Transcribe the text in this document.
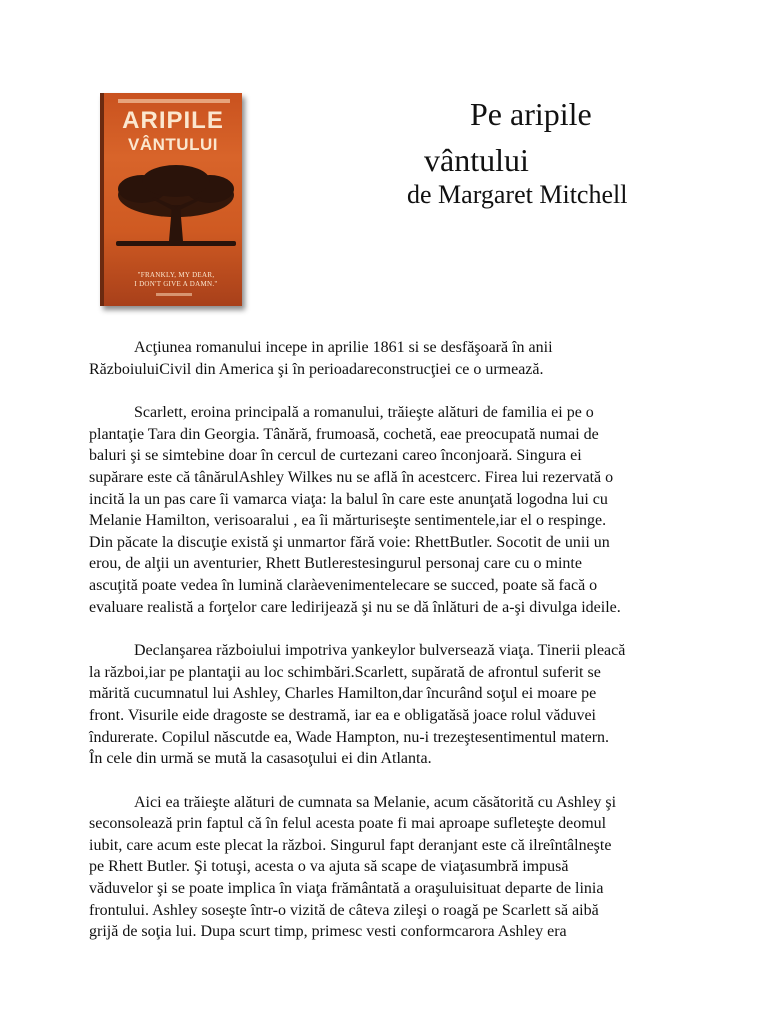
ARIPILE
VÂNTULUI
"FRANKLY, MY DEAR,
I DON'T GIVE A DAMN."
Pe aripile
vântului
de Margaret Mitchell

Acţiunea romanului incepe in aprilie 1861 si se desfăşoară în anii
RăzboiuluiCivil din America şi în perioadareconstrucţiei ce o urmează.

Scarlett, eroina principală a romanului, trăieşte alături de familia ei pe o
plantaţie Tara din Georgia. Tânără, frumoasă, cochetă, eae preocupată numai de
baluri şi se simtebine doar în cercul de curtezani careo înconjoară. Singura ei
supărare este că tânărulAshley Wilkes nu se află în acestcerc. Firea lui rezervată o
incită la un pas care îi vamarca viaţa: la balul în care este anunţată logodna lui cu
Melanie Hamilton, verisoaralui , ea îi mărturiseşte sentimentele,iar el o respinge.
Din păcate la discuţie există şi unmartor fără voie: RhettButler. Socotit de unii un
erou, de alţii un aventurier, Rhett Butlerestesingurul personaj care cu o minte
ascuţită poate vedea în lumină claràevenimentelecare se succed, poate să facă o
evaluare realistă a forţelor care ledirijează şi nu se dă înlături de a-şi divulga ideile.

Declanşarea războiului impotriva yankeylor bulversează viaţa. Tinerii pleacă
la război,iar pe plantaţii au loc schimbări.Scarlett, supărată de afrontul suferit se
mărită cucumnatul lui Ashley, Charles Hamilton,dar încurând soţul ei moare pe
front. Visurile eide dragoste se destramă, iar ea e obligatăsă joace rolul văduvei
îndurerate. Copilul născutde ea, Wade Hampton, nu-i trezeştesentimentul matern.
În cele din urmă se mută la casasoţului ei din Atlanta.

Aici ea trăieşte alături de cumnata sa Melanie, acum căsătorită cu Ashley şi
seconsolează prin faptul că în felul acesta poate fi mai aproape sufleteşte deomul
iubit, care acum este plecat la război. Singurul fapt deranjant este că ilreîntâlneşte
pe Rhett Butler. Şi totuşi, acesta o va ajuta să scape de viaţasumbră impusă
văduvelor şi se poate implica în viaţa frământată a oraşuluisituat departe de linia
frontului. Ashley soseşte într-o vizită de câteva zileşi o roagă pe Scarlett să aibă
grijă de soţia lui. Dupa scurt timp, primesc vesti conformcarora Ashley era
